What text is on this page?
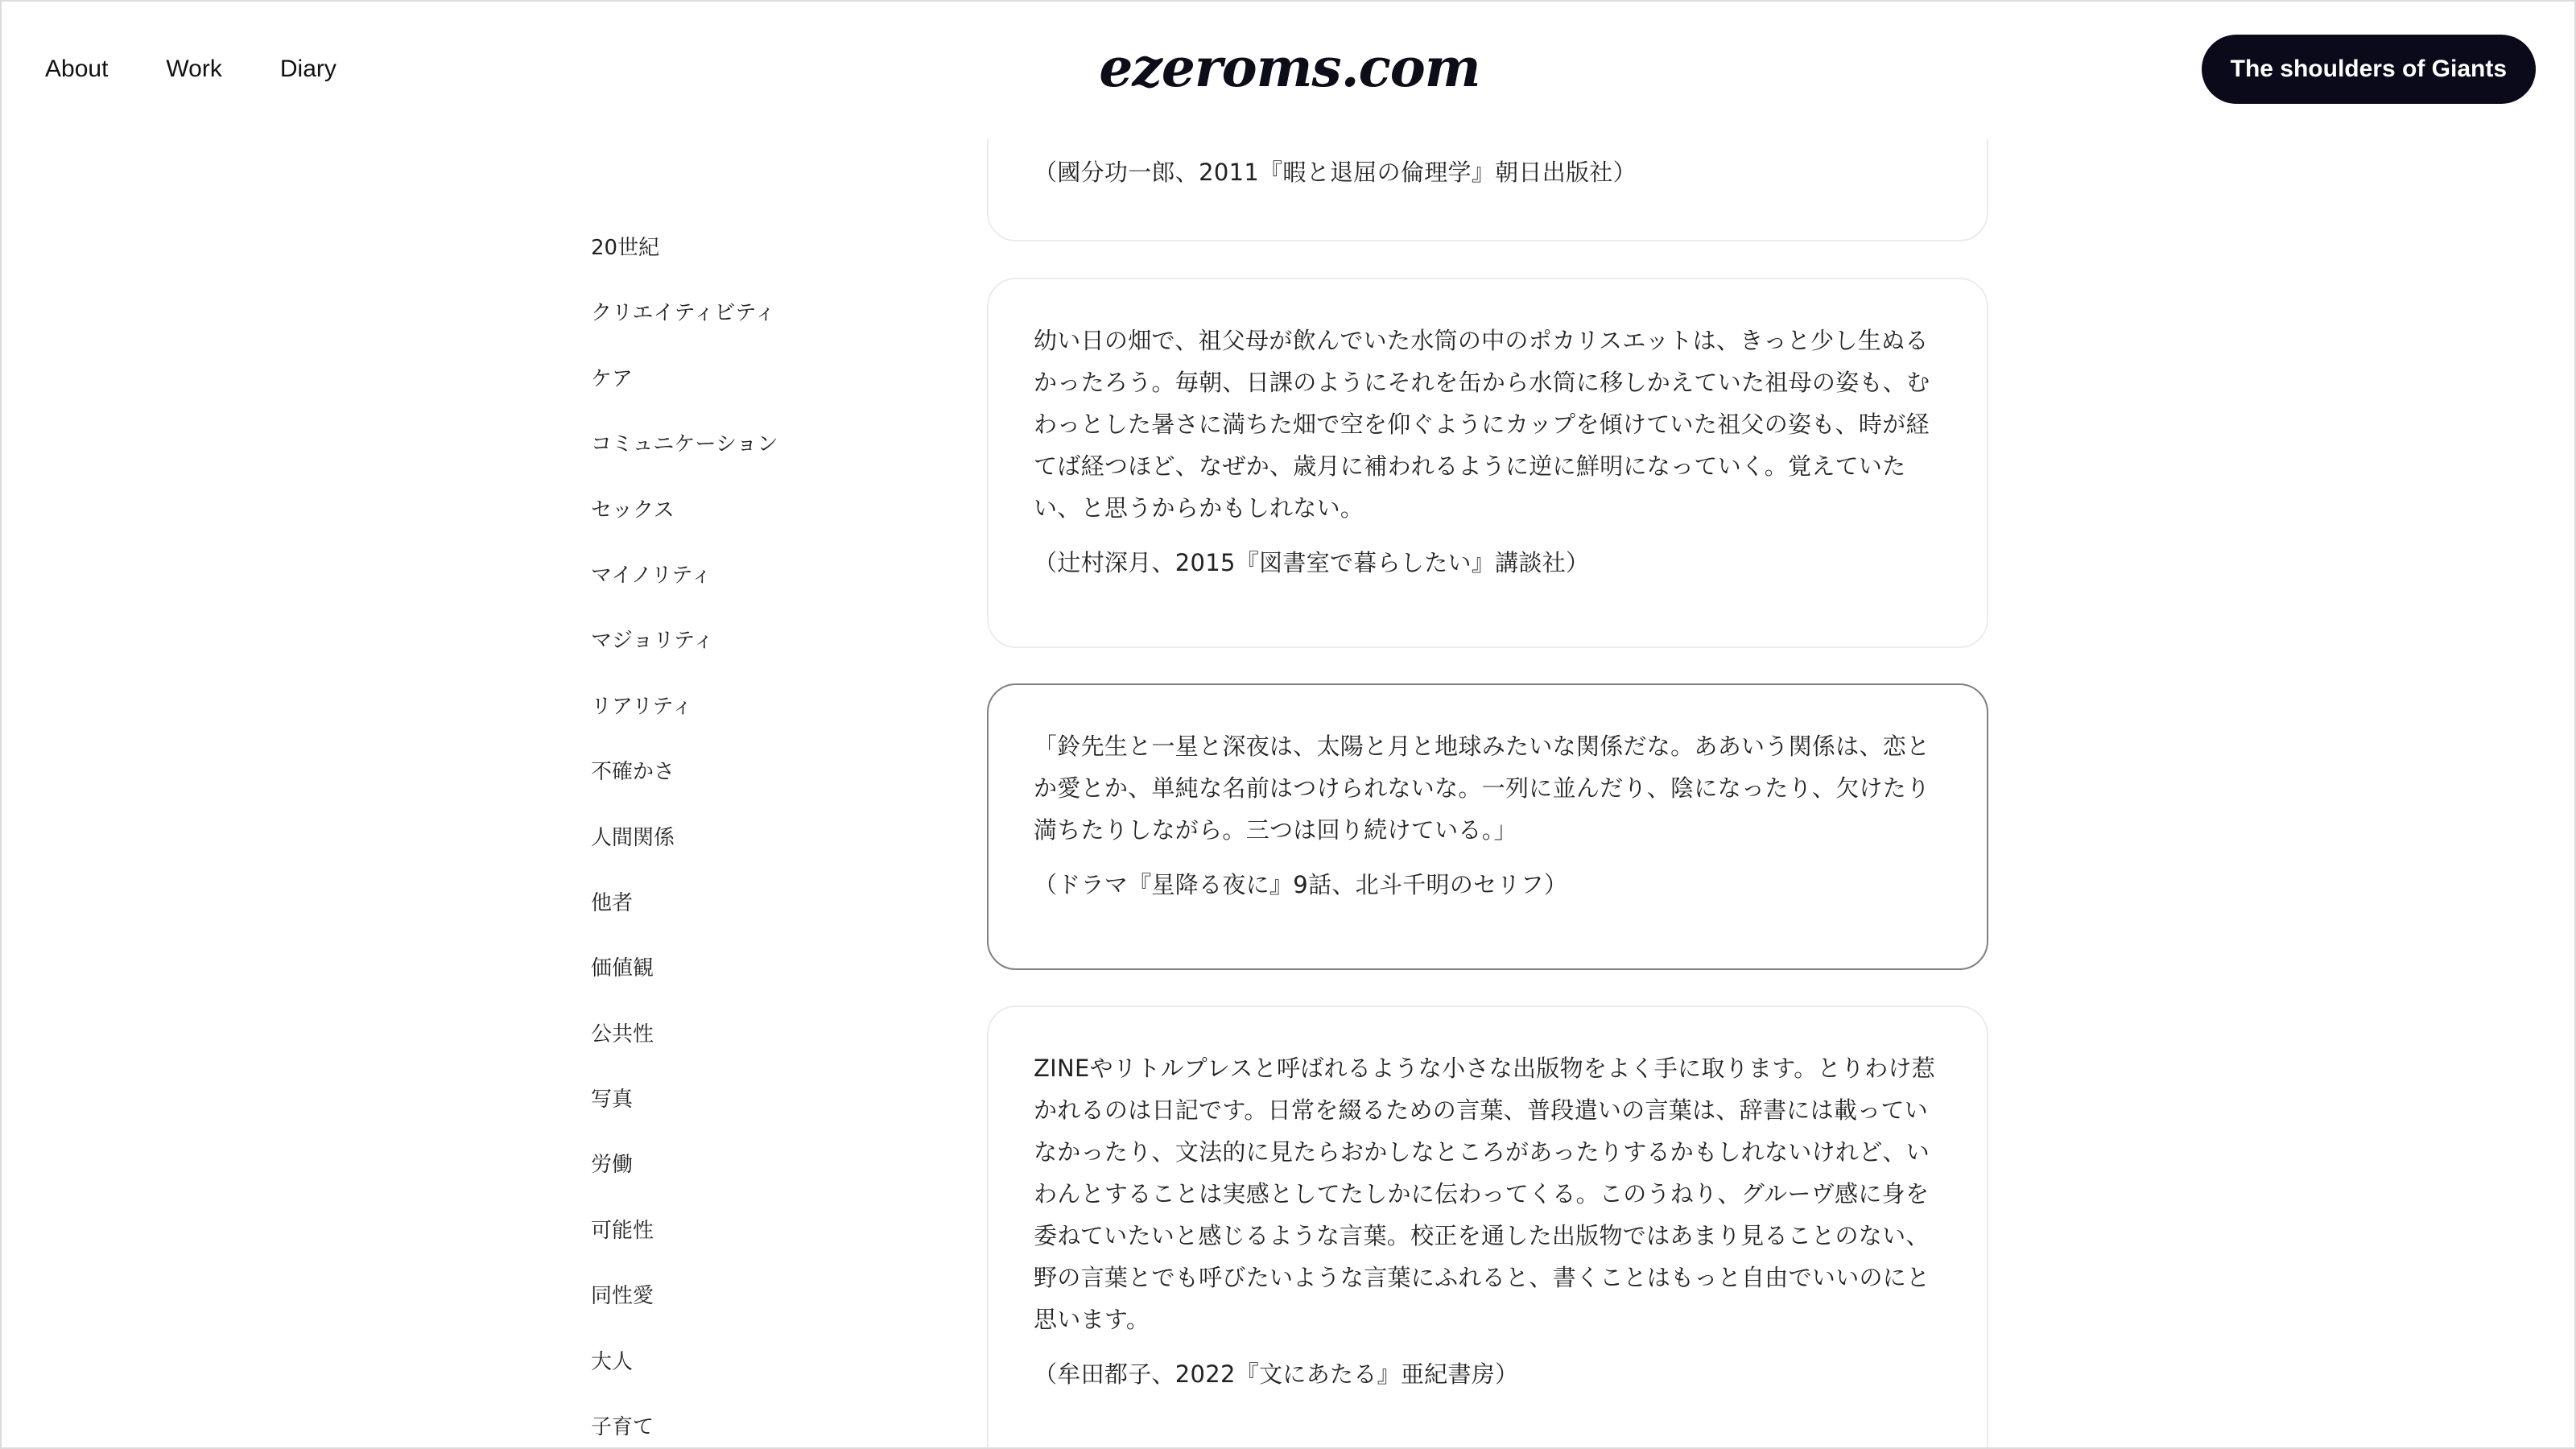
20世紀
クリエイティビティ
ケア
コミュニケーション
セックス
マイノリティ
マジョリティ
リアリティ
不確かさ
人間関係
他者
価値観
公共性
写真
労働
可能性
同性愛
大人
子育て

（國分功一郎、2011『暇と退屈の倫理学』朝日出版社）

幼い日の畑で、祖父母が飲んでいた水筒の中のポカリスエットは、きっと少し生ぬるかったろう。毎朝、日課のようにそれを缶から水筒に移しかえていた祖母の姿も、むわっとした暑さに満ちた畑で空を仰ぐようにカップを傾けていた祖父の姿も、時が経てば経つほど、なぜか、歳月に補われるように逆に鮮明になっていく。覚えていたい、と思うからかもしれない。

（辻村深月、2015『図書室で暮らしたい』講談社）

「鈴先生と一星と深夜は、太陽と月と地球みたいな関係だな。ああいう関係は、恋とか愛とか、単純な名前はつけられないな。一列に並んだり、陰になったり、欠けたり満ちたりしながら。三つは回り続けている。」

（ドラマ『星降る夜に』9話、北斗千明のセリフ）

ZINEやリトルプレスと呼ばれるような小さな出版物をよく手に取ります。とりわけ惹かれるのは日記です。日常を綴るための言葉、普段遣いの言葉は、辞書には載っていなかったり、文法的に見たらおかしなところがあったりするかもしれないけれど、いわんとすることは実感としてたしかに伝わってくる。このうねり、グルーヴ感に身を委ねていたいと感じるような言葉。校正を通した出版物ではあまり見ることのない、野の言葉とでも呼びたいような言葉にふれると、書くことはもっと自由でいいのにと思います。

（牟田都子、2022『文にあたる』亜紀書房）

About Work Diary	ezeroms.com	The shoulders of Giants
